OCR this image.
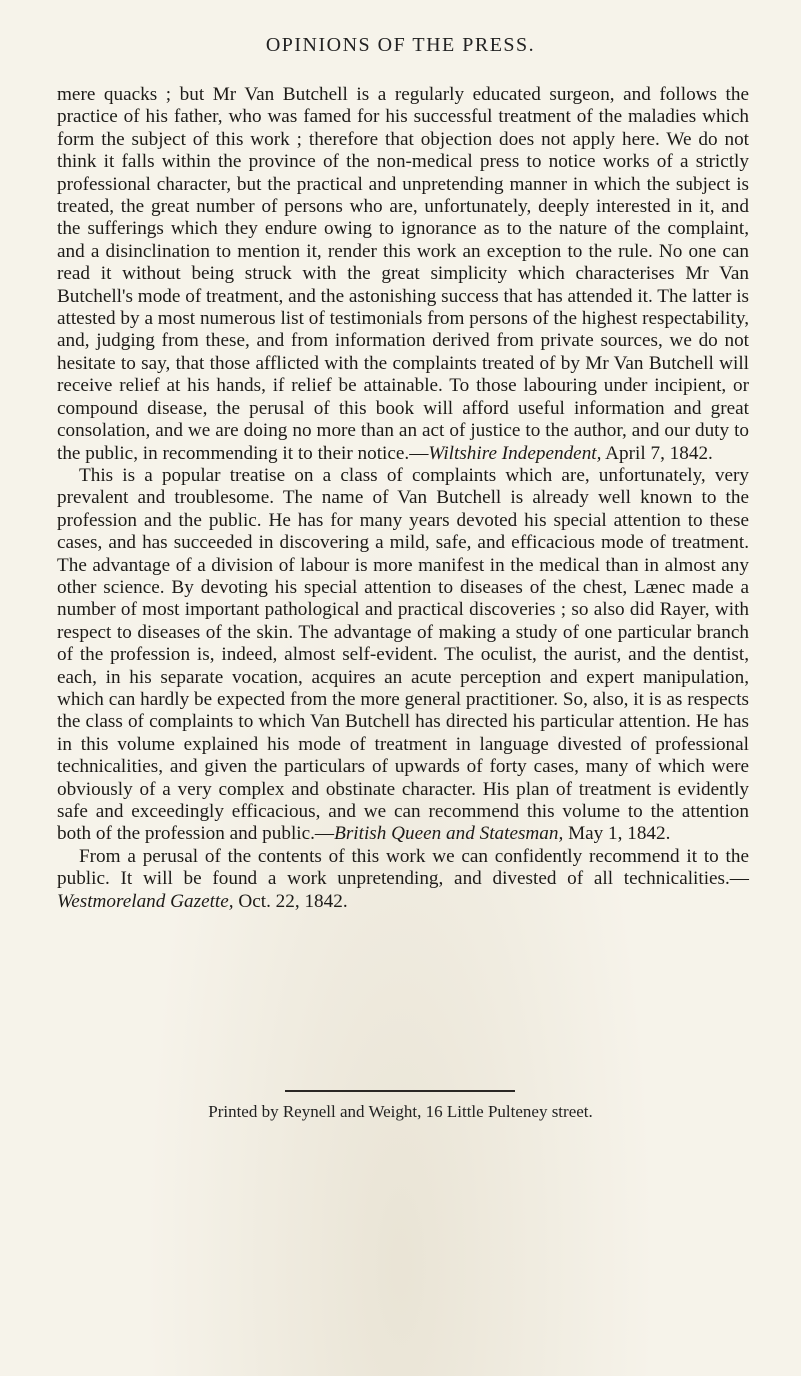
OPINIONS OF THE PRESS.

mere quacks ; but Mr Van Butchell is a regularly educated surgeon, and follows the practice of his father, who was famed for his successful treatment of the maladies which form the subject of this work ; therefore that objection does not apply here. We do not think it falls within the province of the non-medical press to notice works of a strictly professional character, but the practical and unpretending manner in which the subject is treated, the great number of persons who are, unfortunately, deeply interested in it, and the sufferings which they endure owing to ignorance as to the nature of the complaint, and a disinclination to mention it, render this work an exception to the rule. No one can read it without being struck with the great simplicity which characterises Mr Van Butchell's mode of treatment, and the astonishing success that has attended it. The latter is attested by a most numerous list of testimonials from persons of the highest respectability, and, judging from these, and from information derived from private sources, we do not hesitate to say, that those afflicted with the complaints treated of by Mr Van Butchell will receive relief at his hands, if relief be attainable. To those labouring under incipient, or compound disease, the perusal of this book will afford useful information and great consolation, and we are doing no more than an act of justice to the author, and our duty to the public, in recommending it to their notice.—Wiltshire Independent, April 7, 1842.

This is a popular treatise on a class of complaints which are, unfortunately, very prevalent and troublesome. The name of Van Butchell is already well known to the profession and the public. He has for many years devoted his special attention to these cases, and has succeeded in discovering a mild, safe, and efficacious mode of treatment. The advantage of a division of labour is more manifest in the medical than in almost any other science. By devoting his special attention to diseases of the chest, Lænec made a number of most important pathological and practical discoveries ; so also did Rayer, with respect to diseases of the skin. The advantage of making a study of one particular branch of the profession is, indeed, almost self-evident. The oculist, the aurist, and the dentist, each, in his separate vocation, acquires an acute perception and expert manipulation, which can hardly be expected from the more general practitioner. So, also, it is as respects the class of complaints to which Van Butchell has directed his particular attention. He has in this volume explained his mode of treatment in language divested of professional technicalities, and given the particulars of upwards of forty cases, many of which were obviously of a very complex and obstinate character. His plan of treatment is evidently safe and exceedingly efficacious, and we can recommend this volume to the attention both of the profession and public.—British Queen and Statesman, May 1, 1842.

From a perusal of the contents of this work we can confidently recommend it to the public. It will be found a work unpretending, and divested of all technicalities.— Westmoreland Gazette, Oct. 22, 1842.

Printed by Reynell and Weight, 16 Little Pulteney street.
